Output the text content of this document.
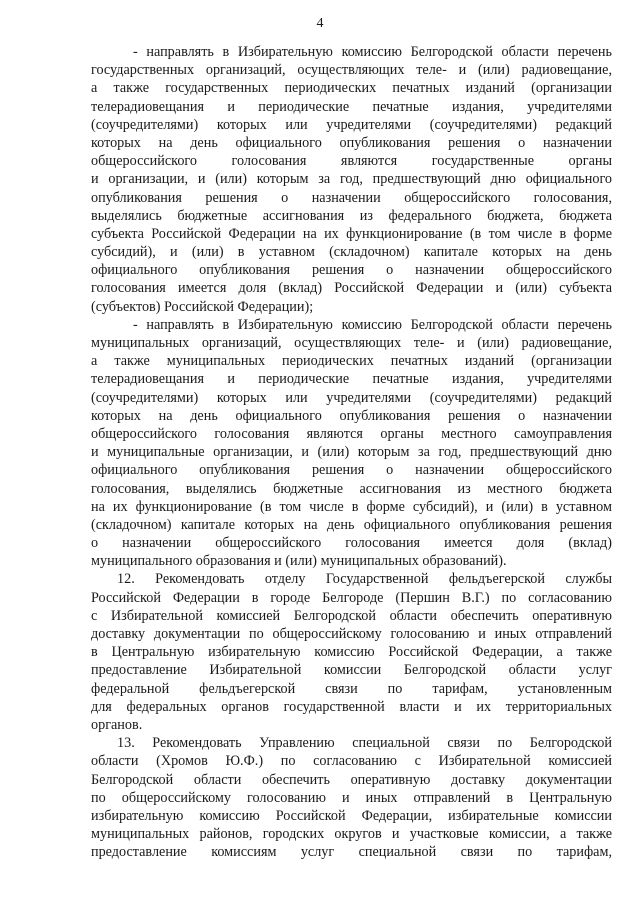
4
- направлять в Избирательную комиссию Белгородской области перечень
государственных организаций, осуществляющих теле- и (или) радиовещание,
а также государственных периодических печатных изданий (организации
телерадиовещания и периодические печатные издания, учредителями
(соучредителями) которых или учредителями (соучредителями) редакций
которых на день официального опубликования решения о назначении
общероссийского голосования являются государственные органы
и организации, и (или) которым за год, предшествующий дню официального
опубликования решения о назначении общероссийского голосования,
выделялись бюджетные ассигнования из федерального бюджета, бюджета
субъекта Российской Федерации на их функционирование (в том числе в форме
субсидий), и (или) в уставном (складочном) капитале которых на день
официального опубликования решения о назначении общероссийского
голосования имеется доля (вклад) Российской Федерации и (или) субъекта
(субъектов) Российской Федерации);
- направлять в Избирательную комиссию Белгородской области перечень
муниципальных организаций, осуществляющих теле- и (или) радиовещание,
а также муниципальных периодических печатных изданий (организации
телерадиовещания и периодические печатные издания, учредителями
(соучредителями) которых или учредителями (соучредителями) редакций
которых на день официального опубликования решения о назначении
общероссийского голосования являются органы местного самоуправления
и муниципальные организации, и (или) которым за год, предшествующий дню
официального опубликования решения о назначении общероссийского
голосования, выделялись бюджетные ассигнования из местного бюджета
на их функционирование (в том числе в форме субсидий), и (или) в уставном
(складочном) капитале которых на день официального опубликования решения
о назначении общероссийского голосования имеется доля (вклад)
муниципального образования и (или) муниципальных образований).
12. Рекомендовать отделу Государственной фельдъегерской службы
Российской Федерации в городе Белгороде (Першин В.Г.) по согласованию
с Избирательной комиссией Белгородской области обеспечить оперативную
доставку документации по общероссийскому голосованию и иных отправлений
в Центральную избирательную комиссию Российской Федерации, а также
предоставление Избирательной комиссии Белгородской области услуг
федеральной фельдъегерской связи по тарифам, установленным
для федеральных органов государственной власти и их территориальных
органов.
13. Рекомендовать Управлению специальной связи по Белгородской
области (Хромов Ю.Ф.) по согласованию с Избирательной комиссией
Белгородской области обеспечить оперативную доставку документации
по общероссийскому голосованию и иных отправлений в Центральную
избирательную комиссию Российской Федерации, избирательные комиссии
муниципальных районов, городских округов и участковые комиссии, а также
предоставление комиссиям услуг специальной связи по тарифам,
